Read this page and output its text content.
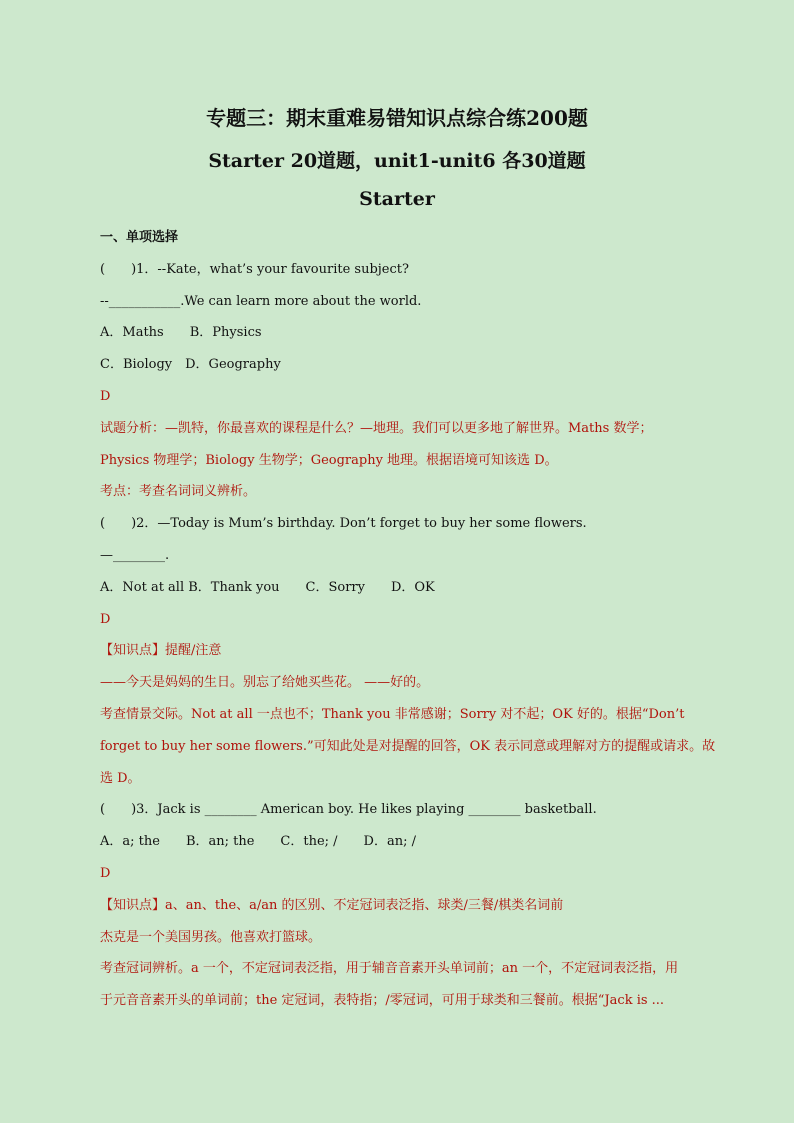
专题三：期末重难易错知识点综合练200题
Starter 20道题，unit1-unit6 各30道题
Starter
一、单项选择
(　　)1．--Kate，what’s your favourite subject?
--___________.We can learn more about the world.
A．Maths　　B．Physics
C．Biology　D．Geography
D
试题分析：—凯特，你最喜欢的课程是什么？—地理。我们可以更多地了解世界。Maths 数学；
Physics 物理学；Biology 生物学；Geography 地理。根据语境可知该选 D。
考点：考查名词词义辨析。
(　　)2．—Today is Mum’s birthday. Don’t forget to buy her some flowers.
—________.
A．Not at all B．Thank you　　C．Sorry　　D．OK
D
【知识点】提醒/注意
——今天是妈妈的生日。别忘了给她买些花。 ——好的。
考查情景交际。Not at all 一点也不；Thank you 非常感谢；Sorry 对不起；OK 好的。根据“Don’t
forget to buy her some flowers.”可知此处是对提醒的回答，OK 表示同意或理解对方的提醒或请求。故
选 D。
(　　)3．Jack is ________ American boy. He likes playing ________ basketball.
A．a; the　　B．an; the　　C．the; /　　D．an; /
D
【知识点】a、an、the、a/an 的区别、不定冠词表泛指、球类/三餐/棋类名词前
杰克是一个美国男孩。他喜欢打篮球。
考查冠词辨析。a 一个，不定冠词表泛指，用于辅音音素开头单词前；an 一个，不定冠词表泛指，用
于元音音素开头的单词前；the 定冠词，表特指；/零冠词，可用于球类和三餐前。根据“Jack is ...
